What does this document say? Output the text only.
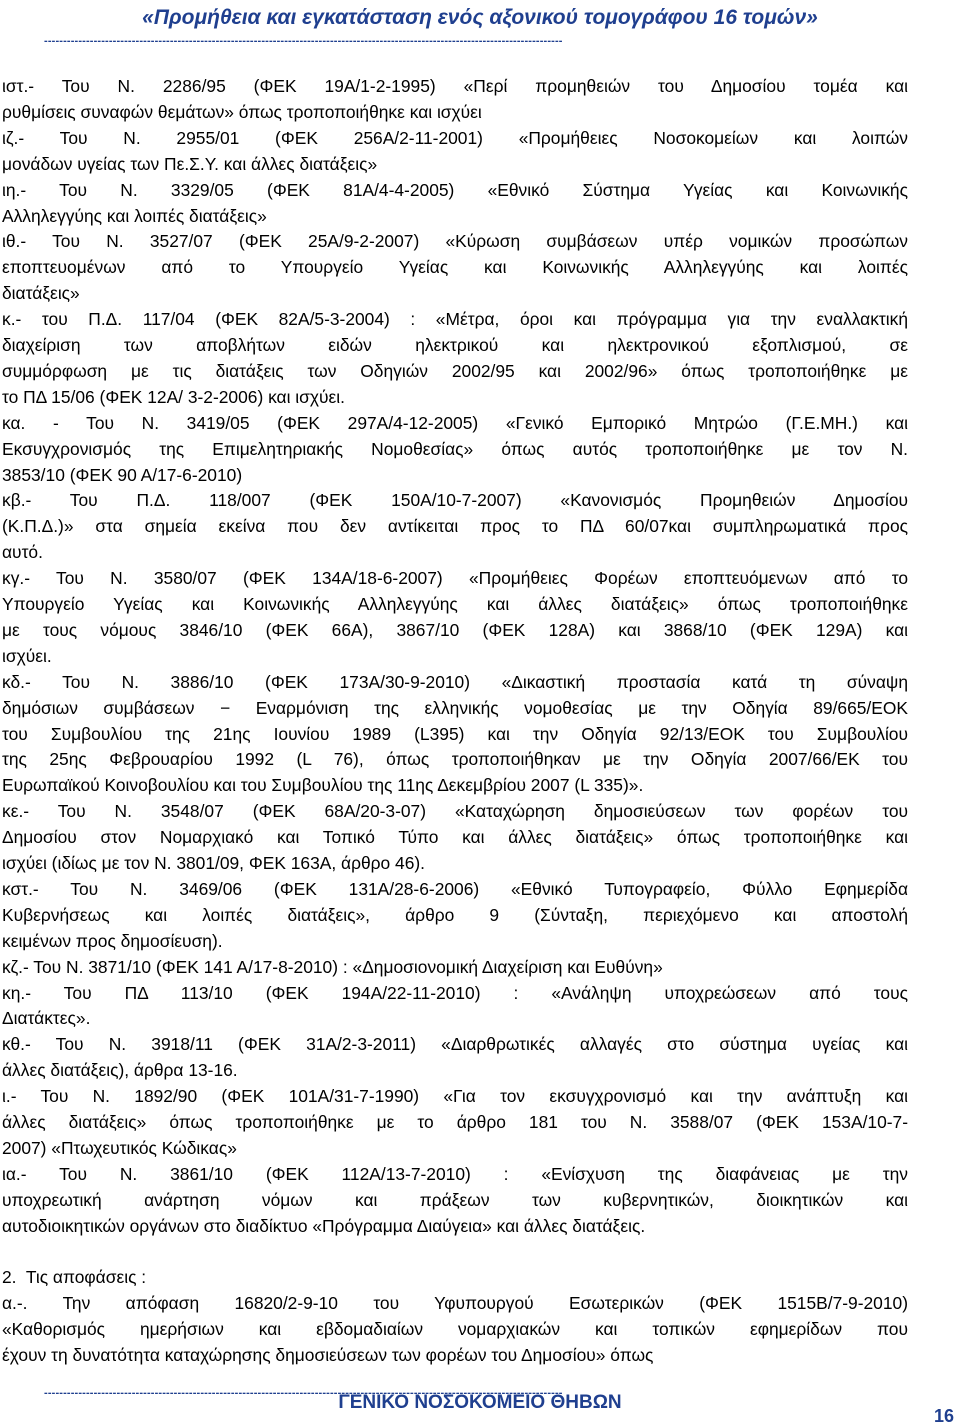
«Προμήθεια και εγκατάσταση ενός αξονικού τομογράφου 16 τομών»
----------------------------------------------------------------------------------------------------------------------------------------
ιστ.- Του Ν. 2286/95 (ΦΕΚ 19Α/1-2-1995) «Περί προμηθειών του Δημοσίου τομέα και
ρυθμίσεις συναφών θεμάτων» όπως τροποποιήθηκε και ισχύει
ιζ.- Του Ν. 2955/01 (ΦΕΚ 256Α/2-11-2001) «Προμήθειες Νοσοκομείων και λοιπών
μονάδων υγείας των Πε.Σ.Υ. και άλλες διατάξεις»
ιη.- Του Ν. 3329/05 (ΦΕΚ 81Α/4-4-2005) «Εθνικό Σύστημα Υγείας και Κοινωνικής
Αλληλεγγύης και λοιπές διατάξεις»
ιθ.- Του Ν. 3527/07 (ΦΕΚ 25Α/9-2-2007) «Κύρωση συμβάσεων υπέρ νομικών προσώπων
εποπτευομένων από το Υπουργείο Υγείας και Κοινωνικής Αλληλεγγύης και λοιπές
διατάξεις»
κ.- του Π.Δ. 117/04 (ΦΕΚ 82Α/5-3-2004) : «Μέτρα, όροι και πρόγραμμα για την εναλλακτική
διαχείριση των αποβλήτων ειδών ηλεκτρικού και ηλεκτρονικού εξοπλισμού, σε
συμμόρφωση με τις διατάξεις των Οδηγιών 2002/95 και 2002/96» όπως τροποποιήθηκε με
το ΠΔ 15/06 (ΦΕΚ 12Α/ 3-2-2006) και ισχύει.
κα. - Του Ν. 3419/05 (ΦΕΚ 297Α/4-12-2005) «Γενικό Εμπορικό Μητρώο (Γ.Ε.ΜΗ.) και
Εκσυγχρονισμός της Επιμελητηριακής Νομοθεσίας» όπως αυτός τροποποιήθηκε με τον Ν.
3853/10 (ΦΕΚ 90 Α/17-6-2010)
κβ.- Του Π.Δ. 118/007 (ΦΕΚ 150Α/10-7-2007) «Κανονισμός Προμηθειών Δημοσίου
(Κ.Π.Δ.)» στα σημεία εκείνα που δεν αντίκειται προς το ΠΔ 60/07και συμπληρωματικά προς
αυτό.
κγ.- Του Ν. 3580/07 (ΦΕΚ 134Α/18-6-2007) «Προμήθειες Φορέων εποπτευόμενων από το
Υπουργείο Υγείας και Κοινωνικής Αλληλεγγύης και άλλες διατάξεις» όπως τροποποιήθηκε
με τους νόμους 3846/10 (ΦΕΚ 66Α), 3867/10 (ΦΕΚ 128Α) και 3868/10 (ΦΕΚ 129Α) και
ισχύει.
κδ.- Του Ν. 3886/10 (ΦΕΚ 173Α/30-9-2010) «Δικαστική προστασία κατά τη σύναψη
δημόσιων συμβάσεων − Εναρμόνιση της ελληνικής νομοθεσίας με την Οδηγία 89/665/ΕΟΚ
του Συμβουλίου της 21ης Ιουνίου 1989 (L395) και την Οδηγία 92/13/ΕΟΚ του Συμβουλίου
της 25ης Φεβρουαρίου 1992 (L 76), όπως τροποποιήθηκαν με την Οδηγία 2007/66/ΕΚ του
Ευρωπαϊκού Κοινοβουλίου και του Συμβουλίου της 11ης Δεκεμβρίου 2007 (L 335)».
κε.- Του Ν. 3548/07 (ΦΕΚ 68Α/20-3-07) «Καταχώρηση δημοσιεύσεων των φορέων του
Δημοσίου στον Νομαρχιακό και Τοπικό Τύπο και άλλες διατάξεις» όπως τροποποιήθηκε και
ισχύει (ιδίως με τον Ν. 3801/09, ΦΕΚ 163Α, άρθρο 46).
κστ.- Του Ν. 3469/06 (ΦΕΚ 131Α/28-6-2006) «Εθνικό Τυπογραφείο, Φύλλο Εφημερίδα
Κυβερνήσεως και λοιπές διατάξεις», άρθρο 9 (Σύνταξη, περιεχόμενο και αποστολή
κειμένων προς δημοσίευση).
κζ.- Του Ν. 3871/10 (ΦΕΚ 141 Α/17-8-2010) : «Δημοσιονομική Διαχείριση και Ευθύνη»
κη.- Του ΠΔ 113/10 (ΦΕΚ 194Α/22-11-2010) : «Ανάληψη υποχρεώσεων από τους
Διατάκτες».
κθ.- Του Ν. 3918/11 (ΦΕΚ 31Α/2-3-2011) «Διαρθρωτικές αλλαγές στο σύστημα υγείας και
άλλες διατάξεις), άρθρα 13-16.
ι.- Του Ν. 1892/90 (ΦΕΚ 101Α/31-7-1990) «Για τον εκσυγχρονισμό και την ανάπτυξη και
άλλες διατάξεις» όπως τροποποιήθηκε με το άρθρο 181 του Ν. 3588/07 (ΦΕΚ 153Α/10-7-
2007) «Πτωχευτικός Κώδικας»
ια.- Του Ν. 3861/10 (ΦΕΚ 112Α/13-7-2010) : «Ενίσχυση της διαφάνειας με την
υποχρεωτική ανάρτηση νόμων και πράξεων των κυβερνητικών, διοικητικών και
αυτοδιοικητικών οργάνων στο διαδίκτυο «Πρόγραμμα Διαύγεια» και άλλες διατάξεις.
2.  Τις αποφάσεις :
α.-. Την απόφαση 16820/2-9-10 του Υφυπουργού Εσωτερικών (ΦΕΚ 1515Β/7-9-2010)
«Καθορισμός ημερήσιων και εβδομαδιαίων νομαρχιακών και τοπικών εφημερίδων που
έχουν τη δυνατότητα καταχώρησης δημοσιεύσεων των φορέων του Δημοσίου» όπως
----------------------------------------------------------------------------------------------------------------------------------------
ΓΕΝΙΚΟ ΝΟΣΟΚΟΜΕΙΟ ΘΗΒΩΝ
16
